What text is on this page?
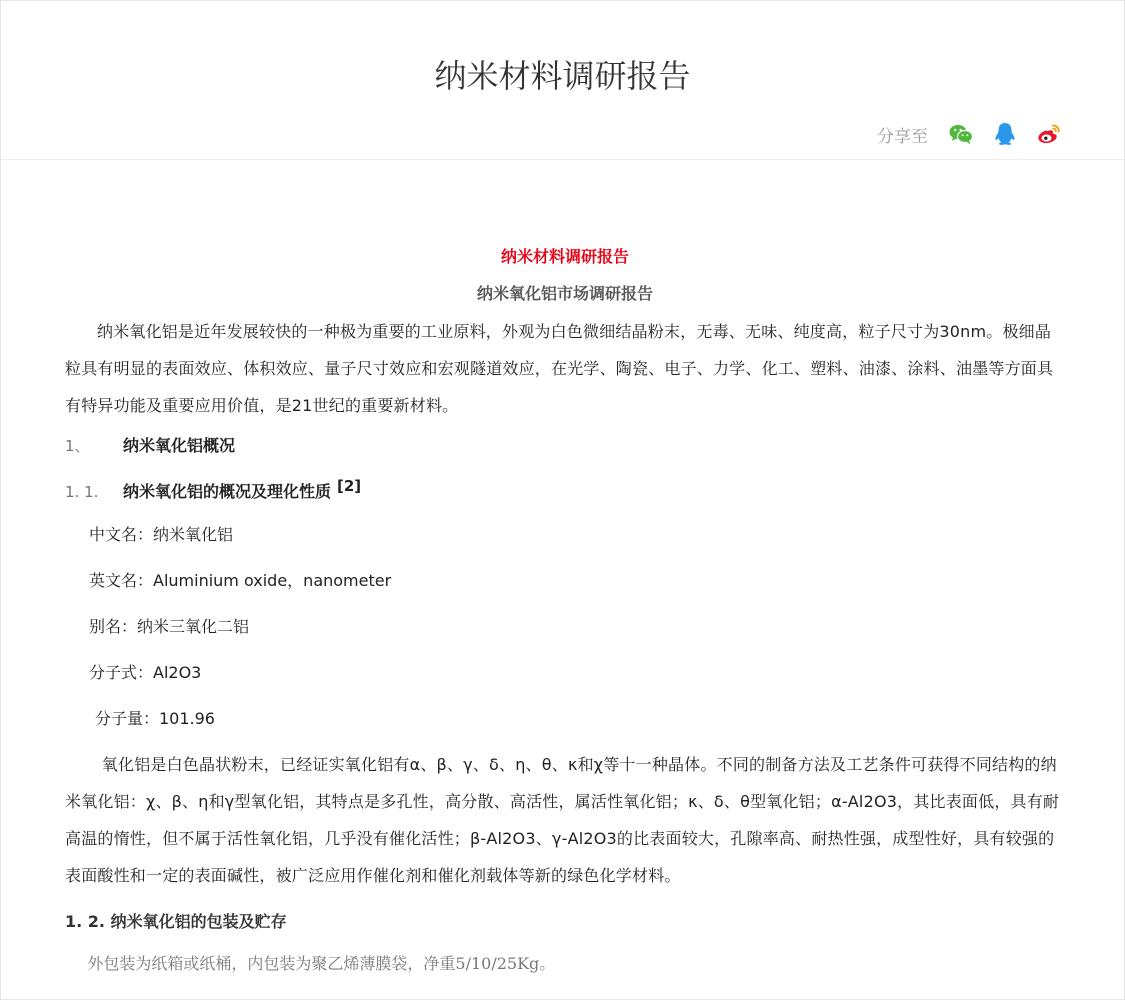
纳米材料调研报告
分享至

纳米材料调研报告

纳米氧化铝市场调研报告

纳米氧化铝是近年发展较快的一种极为重要的工业原料，外观为白色微细结晶粉末，无毒、无味、纯度高，粒子尺寸为30nm。极细晶粒具有明显的表面效应、体积效应、量子尺寸效应和宏观隧道效应，在光学、陶瓷、电子、力学、化工、塑料、油漆、涂料、油墨等方面具有特异功能及重要应用价值，是21世纪的重要新材料。

1、	纳米氧化铝概况
1. 1.	纳米氧化铝的概况及理化性质 [2]

中文名：纳米氧化铝

英文名：Aluminium oxide，nanometer

别名：纳米三氧化二铝

分子式：Al2O3

分子量：101.96

氧化铝是白色晶状粉末，已经证实氧化铝有α、β、γ、δ、η、θ、κ和χ等十一种晶体。不同的制备方法及工艺条件可获得不同结构的纳米氧化铝：χ、β、η和γ型氧化铝，其特点是多孔性，高分散、高活性，属活性氧化铝；κ、δ、θ型氧化铝；α-Al2O3，其比表面低，具有耐高温的惰性，但不属于活性氧化铝，几乎没有催化活性；β-Al2O3、γ-Al2O3的比表面较大，孔隙率高、耐热性强，成型性好，具有较强的表面酸性和一定的表面碱性，被广泛应用作催化剂和催化剂载体等新的绿色化学材料。

1. 2. 纳米氧化铝的包装及贮存

外包装为纸箱或纸桶，内包装为聚乙烯薄膜袋，净重5/10/25Kg。
